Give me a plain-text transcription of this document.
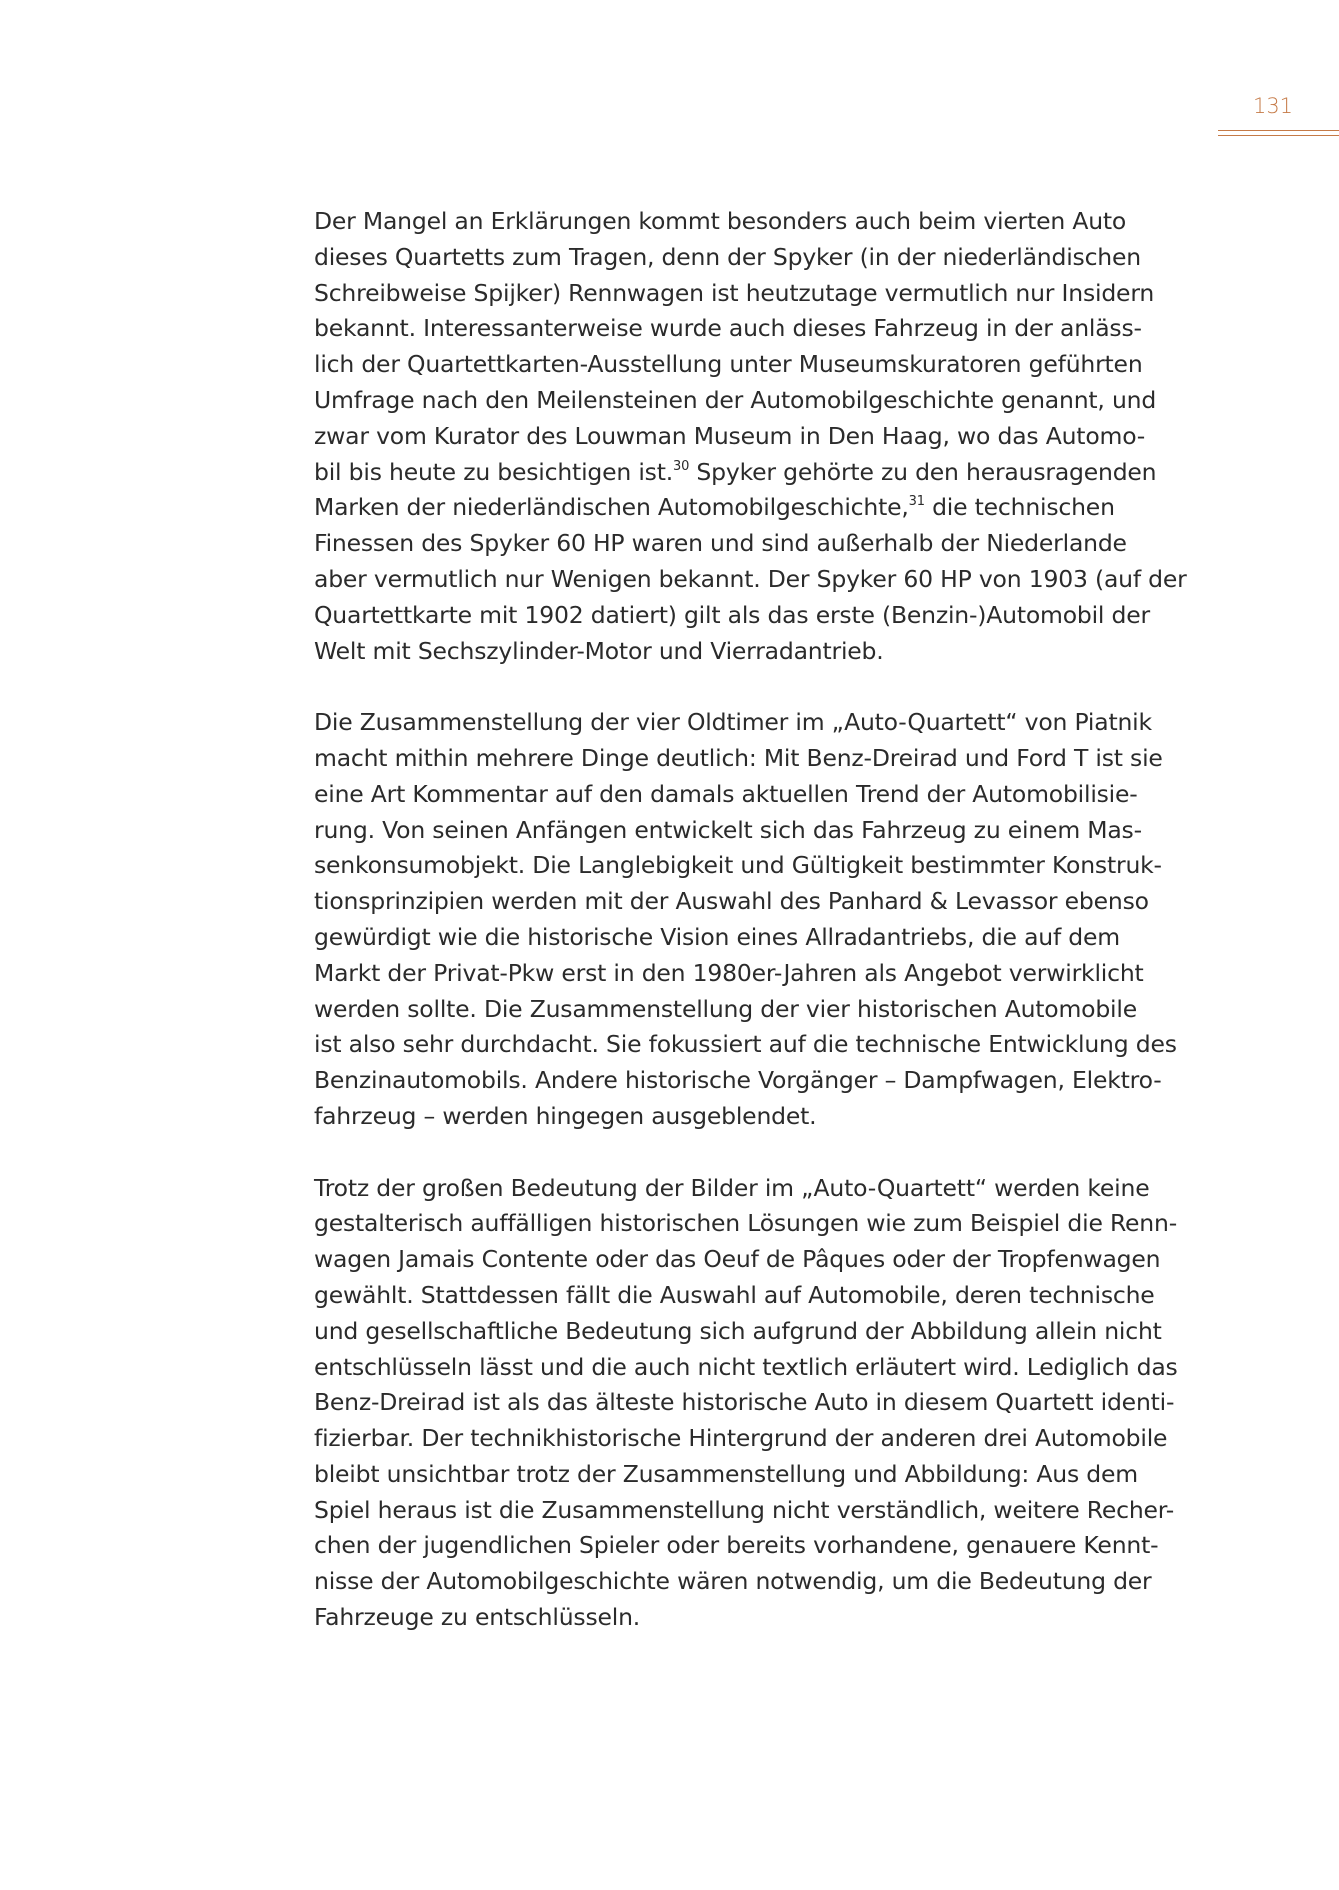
131
Der Mangel an Erklärungen kommt besonders auch beim vierten Auto
dieses Quartetts zum Tragen, denn der Spyker (in der niederländischen
Schreibweise Spijker) Rennwagen ist heutzutage vermutlich nur Insidern
bekannt. Interessanterweise wurde auch dieses Fahrzeug in der anläss-
lich der Quartettkarten-Ausstellung unter Museumskuratoren geführten
Umfrage nach den Meilensteinen der Automobilgeschichte genannt, und
zwar vom Kurator des Louwman Museum in Den Haag, wo das Automo-
bil bis heute zu besichtigen ist.$^{30}$ Spyker gehörte zu den herausragenden
Marken der niederländischen Automobilgeschichte,$^{31}$ die technischen
Finessen des Spyker 60 HP waren und sind außerhalb der Niederlande
aber vermutlich nur Wenigen bekannt. Der Spyker 60 HP von 1903 (auf der
Quartettkarte mit 1902 datiert) gilt als das erste (Benzin-)Automobil der
Welt mit Sechszylinder-Motor und Vierradantrieb.
Die Zusammenstellung der vier Oldtimer im „Auto-Quartett“ von Piatnik
macht mithin mehrere Dinge deutlich: Mit Benz-Dreirad und Ford T ist sie
eine Art Kommentar auf den damals aktuellen Trend der Automobilisie-
rung. Von seinen Anfängen entwickelt sich das Fahrzeug zu einem Mas-
senkonsumobjekt. Die Langlebigkeit und Gültigkeit bestimmter Konstruk-
tionsprinzipien werden mit der Auswahl des Panhard & Levassor ebenso
gewürdigt wie die historische Vision eines Allradantriebs, die auf dem
Markt der Privat-Pkw erst in den 1980er-Jahren als Angebot verwirklicht
werden sollte. Die Zusammenstellung der vier historischen Automobile
ist also sehr durchdacht. Sie fokussiert auf die technische Entwicklung des
Benzinautomobils. Andere historische Vorgänger – Dampfwagen, Elektro-
fahrzeug – werden hingegen ausgeblendet.
Trotz der großen Bedeutung der Bilder im „Auto-Quartett“ werden keine
gestalterisch auffälligen historischen Lösungen wie zum Beispiel die Renn-
wagen Jamais Contente oder das Oeuf de Pâques oder der Tropfenwagen
gewählt. Stattdessen fällt die Auswahl auf Automobile, deren technische
und gesellschaftliche Bedeutung sich aufgrund der Abbildung allein nicht
entschlüsseln lässt und die auch nicht textlich erläutert wird. Lediglich das
Benz-Dreirad ist als das älteste historische Auto in diesem Quartett identi-
fizierbar. Der technikhistorische Hintergrund der anderen drei Automobile
bleibt unsichtbar trotz der Zusammenstellung und Abbildung: Aus dem
Spiel heraus ist die Zusammenstellung nicht verständlich, weitere Recher-
chen der jugendlichen Spieler oder bereits vorhandene, genauere Kennt-
nisse der Automobilgeschichte wären notwendig, um die Bedeutung der
Fahrzeuge zu entschlüsseln.
